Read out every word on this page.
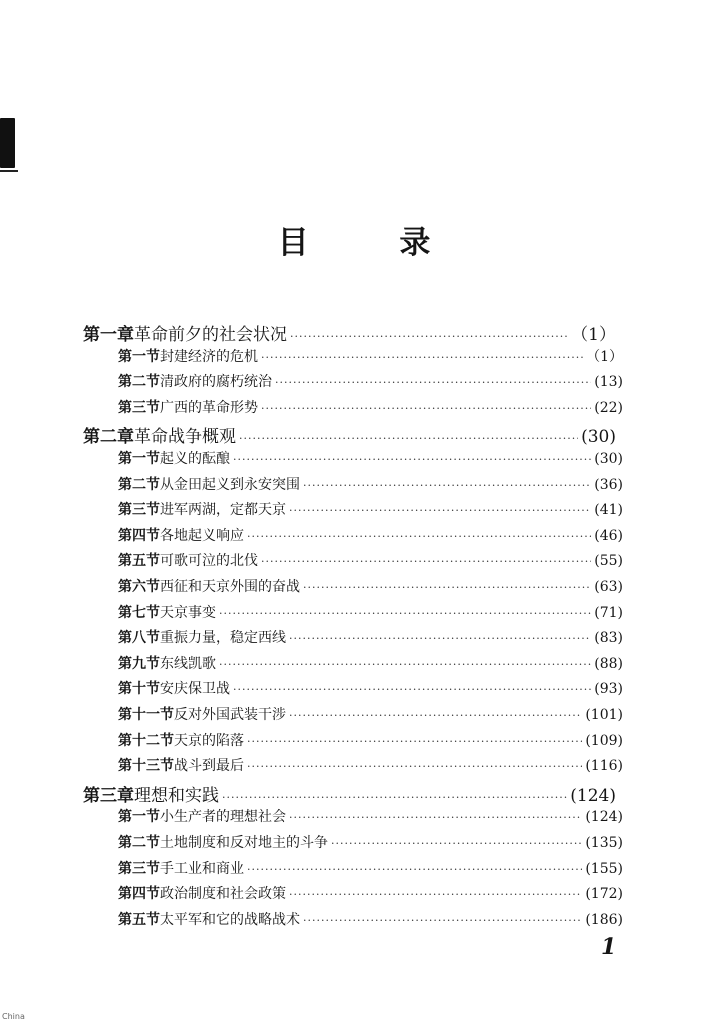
目 录
第一章 革命前夕的社会状况 ·····	（1）
第一节 封建经济的危机 ·····	（1）
第二节 清政府的腐朽统治 ·····	(13)
第三节 广西的革命形势 ·····	(22)
第二章 革命战争概观 ·····	(30)
第一节 起义的酝酿 ·····	(30)
第二节 从金田起义到永安突围 ·····	(36)
第三节 进军两湖，定都天京 ·····	(41)
第四节 各地起义响应 ·····	(46)
第五节 可歌可泣的北伐 ·····	(55)
第六节 西征和天京外围的奋战 ·····	(63)
第七节 天京事变 ·····	(71)
第八节 重振力量，稳定西线 ·····	(83)
第九节 东线凯歌 ·····	(88)
第十节 安庆保卫战 ·····	(93)
第十一节 反对外国武装干涉 ·····	(101)
第十二节 天京的陷落 ·····	(109)
第十三节 战斗到最后 ·····	(116)
第三章 理想和实践 ·····	(124)
第一节 小生产者的理想社会 ·····	(124)
第二节 土地制度和反对地主的斗争 ·····	(135)
第三节 手工业和商业 ·····	(155)
第四节 政治制度和社会政策 ·····	(172)
第五节 太平军和它的战略战术 ·····	(186)
1
China
